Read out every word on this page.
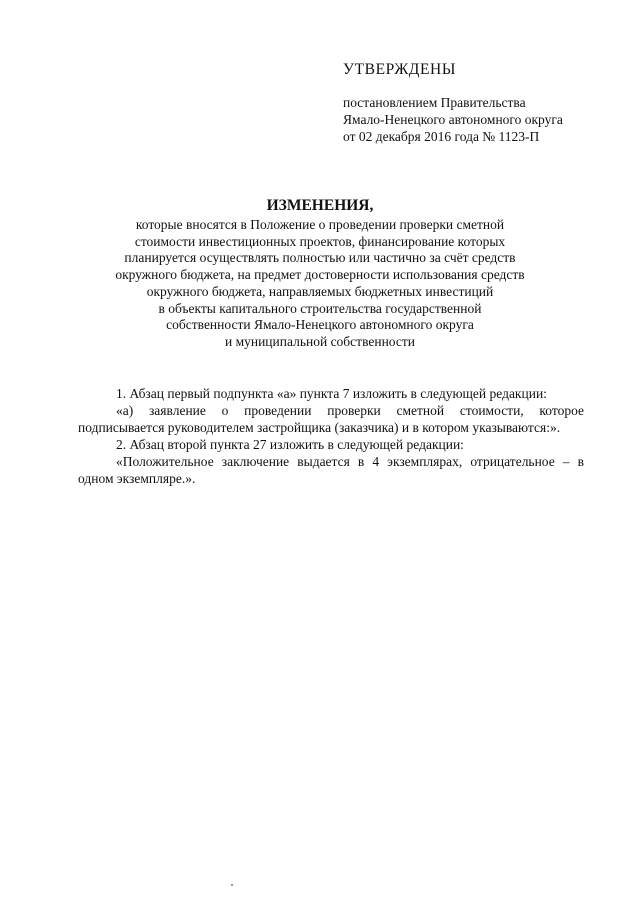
УТВЕРЖДЕНЫ

постановлением Правительства

Ямало-Ненецкого автономного округа

от 02 декабря 2016 года № 1123-П

ИЗМЕНЕНИЯ,

которые вносятся в Положение о проведении проверки сметной

стоимости инвестиционных проектов, финансирование которых

планируется осуществлять полностью или частично за счёт средств

окружного бюджета, на предмет достоверности использования средств

окружного бюджета, направляемых бюджетных инвестиций

в объекты капитального строительства государственной

собственности Ямало-Ненецкого автономного округа

и муниципальной собственности

1. Абзац первый подпункта «а» пункта 7 изложить в следующей редакции:

«а) заявление о проведении проверки сметной стоимости, которое подписывается руководителем застройщика (заказчика) и в котором указываются:».

2. Абзац второй пункта 27 изложить в следующей редакции:

«Положительное заключение выдается в 4 экземплярах, отрицательное – в одном экземпляре.».
